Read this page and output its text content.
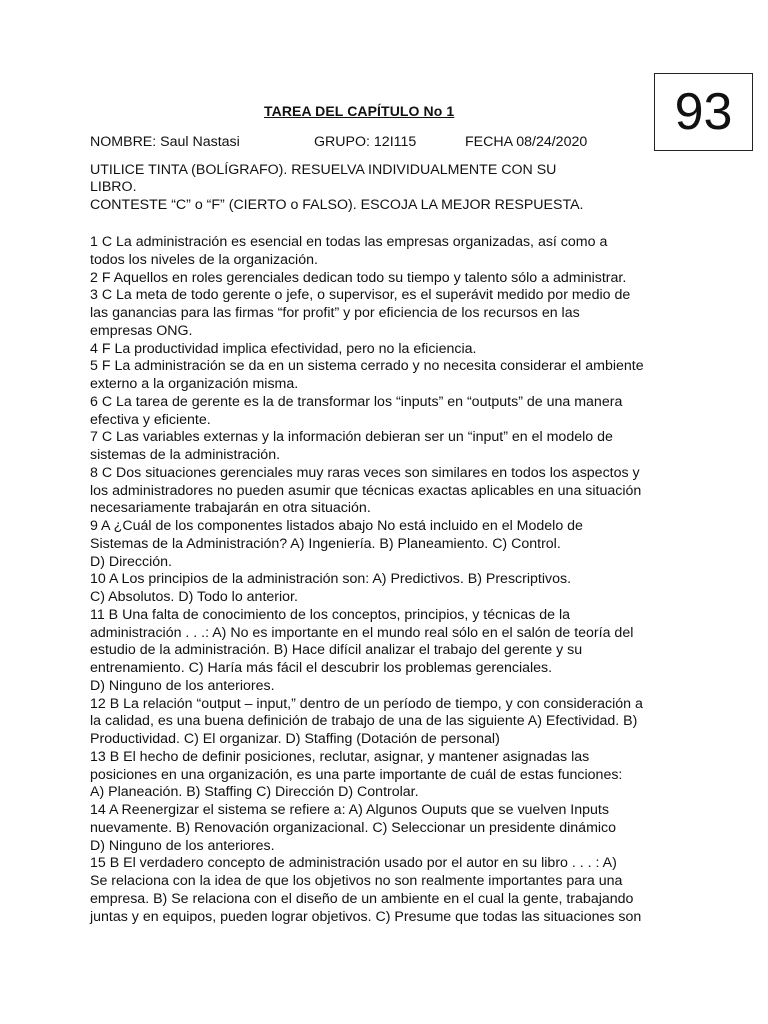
93
TAREA DEL CAPÍTULO No 1
NOMBRE: Saul Nastasi	GRUPO: 12I115	FECHA 08/24/2020
UTILICE TINTA (BOLÍGRAFO). RESUELVA INDIVIDUALMENTE CON SU
LIBRO.
CONTESTE “C” o “F” (CIERTO o FALSO). ESCOJA LA MEJOR RESPUESTA.
1 C La administración es esencial en todas las empresas organizadas, así como a
todos los niveles de la organización.
2 F Aquellos en roles gerenciales dedican todo su tiempo y talento sólo a administrar.
3 C La meta de todo gerente o jefe, o supervisor, es el superávit medido por medio de
las ganancias para las firmas “for profit” y por eficiencia de los recursos en las
empresas ONG.
4 F La productividad implica efectividad, pero no la eficiencia.
5 F La administración se da en un sistema cerrado y no necesita considerar el ambiente
externo a la organización misma.
6 C La tarea de gerente es la de transformar los “inputs” en “outputs” de una manera
efectiva y eficiente.
7 C Las variables externas y la información debieran ser un “input” en el modelo de
sistemas de la administración.
8 C Dos situaciones gerenciales muy raras veces son similares en todos los aspectos y
los administradores no pueden asumir que técnicas exactas aplicables en una situación
necesariamente trabajarán en otra situación.
9 A ¿Cuál de los componentes listados abajo No está incluido en el Modelo de
Sistemas de la Administración? A) Ingeniería. B) Planeamiento. C) Control.
D) Dirección.
10 A Los principios de la administración son: A) Predictivos. B) Prescriptivos.
C) Absolutos. D) Todo lo anterior.
11 B Una falta de conocimiento de los conceptos, principios, y técnicas de la
administración . . .: A) No es importante en el mundo real sólo en el salón de teoría del
estudio de la administración. B) Hace difícil analizar el trabajo del gerente y su
entrenamiento. C) Haría más fácil el descubrir los problemas gerenciales.
D) Ninguno de los anteriores.
12 B La relación “output – input,” dentro de un período de tiempo, y con consideración a
la calidad, es una buena definición de trabajo de una de las siguiente A) Efectividad. B)
Productividad. C) El organizar. D) Staffing (Dotación de personal)
13 B El hecho de definir posiciones, reclutar, asignar, y mantener asignadas las
posiciones en una organización, es una parte importante de cuál de estas funciones:
A) Planeación. B) Staffing C) Dirección D) Controlar.
14 A Reenergizar el sistema se refiere a: A) Algunos Ouputs que se vuelven Inputs
nuevamente. B) Renovación organizacional. C) Seleccionar un presidente dinámico
D) Ninguno de los anteriores.
15 B El verdadero concepto de administración usado por el autor en su libro . . . : A)
Se relaciona con la idea de que los objetivos no son realmente importantes para una
empresa. B) Se relaciona con el diseño de un ambiente en el cual la gente, trabajando
juntas y en equipos, pueden lograr objetivos. C) Presume que todas las situaciones son
